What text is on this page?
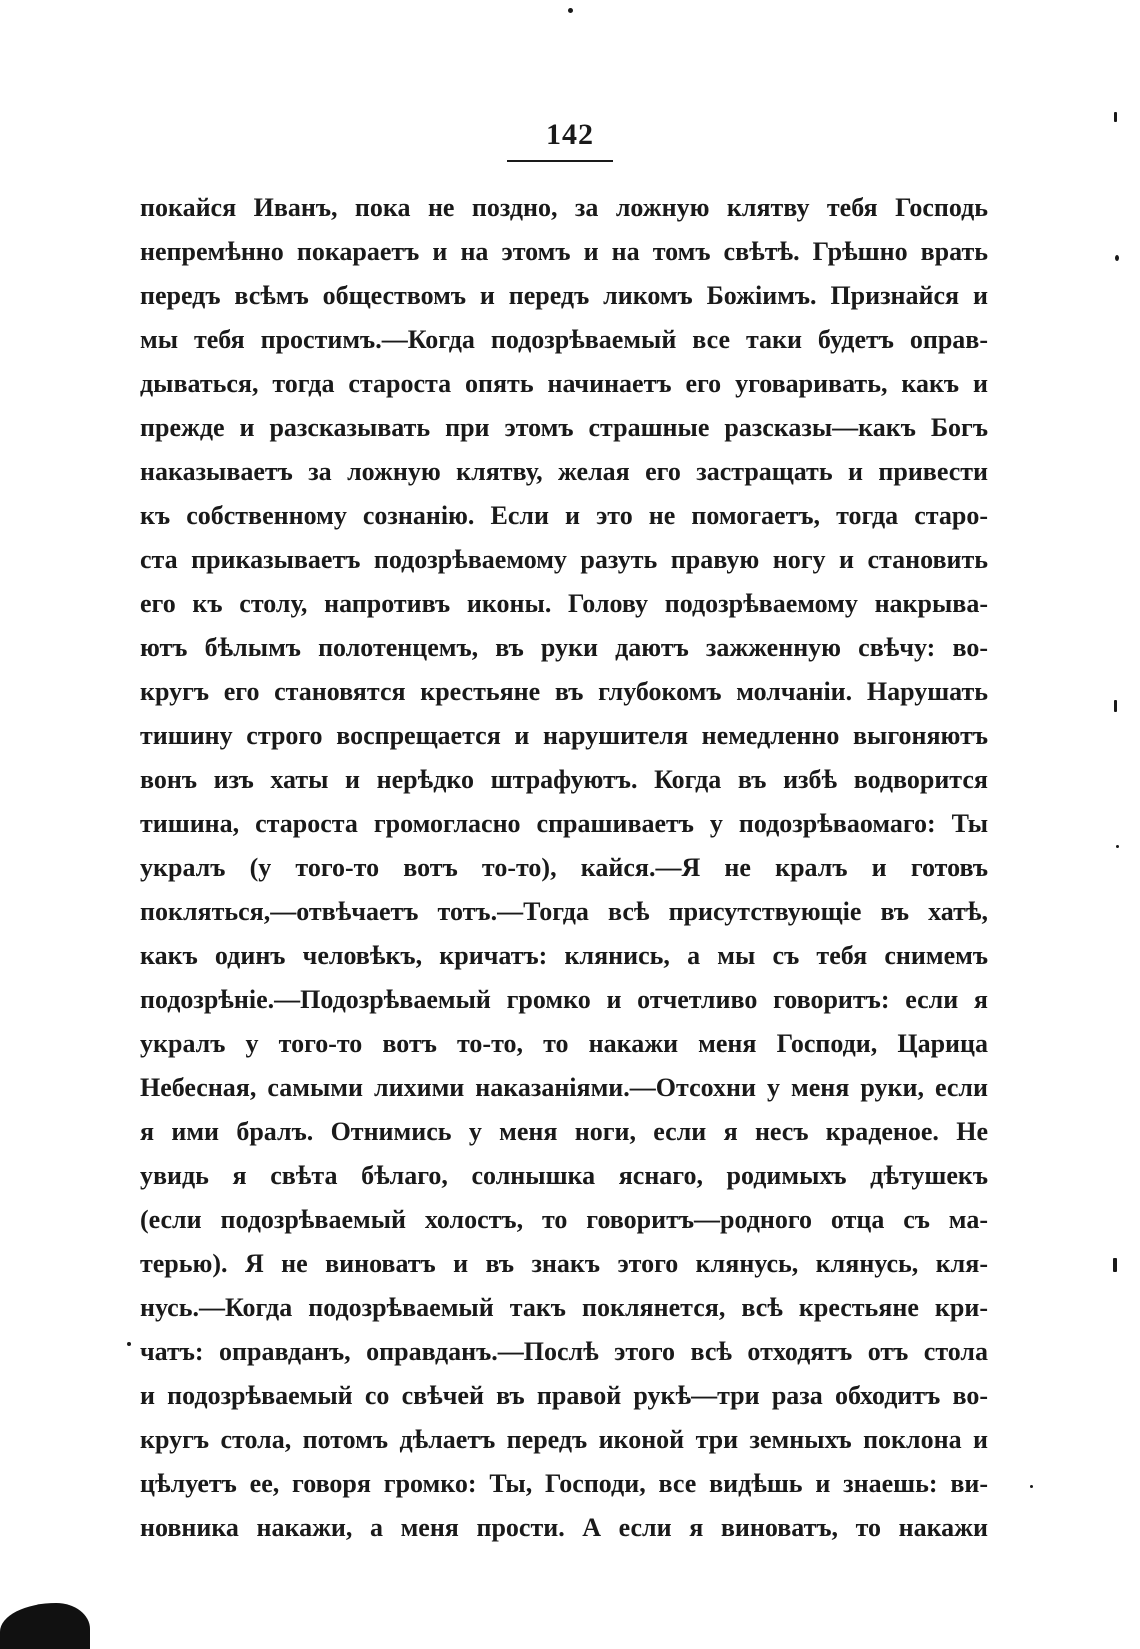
142
покайся Иванъ, пока не поздно, за ложную клятву тебя Господь
непремѣнно покараетъ и на этомъ и на томъ свѣтѣ. Грѣшно врать
передъ всѣмъ обществомъ и передъ ликомъ Божіимъ. Признайся и
мы тебя простимъ.—Когда подозрѣваемый все таки будетъ оправ-
дываться, тогда староста опять начинаетъ его уговаривать, какъ и
прежде и разсказывать при этомъ страшные разсказы—какъ Богъ
наказываетъ за ложную клятву, желая его застращать и привести
къ собственному сознанію. Если и это не помогаетъ, тогда старо-
ста приказываетъ подозрѣваемому разуть правую ногу и становить
его къ столу, напротивъ иконы. Голову подозрѣваемому накрыва-
ютъ бѣлымъ полотенцемъ, въ руки даютъ зажженную свѣчу: во-
кругъ его становятся крестьяне въ глубокомъ молчаніи. Нарушать
тишину строго воспрещается и нарушителя немедленно выгоняютъ
вонъ изъ хаты и нерѣдко штрафуютъ. Когда въ избѣ водворится
тишина, староста громогласно спрашиваетъ у подозрѣваомаго: Ты
укралъ (у того-то вотъ то-то), кайся.—Я не кралъ и готовъ
покляться,—отвѣчаетъ тотъ.—Тогда всѣ присутствующіе въ хатѣ,
какъ одинъ человѣкъ, кричатъ: клянись, а мы съ тебя снимемъ
подозрѣніе.—Подозрѣваемый громко и отчетливо говоритъ: если я
укралъ у того-то вотъ то-то, то накажи меня Господи, Царица
Небесная, самыми лихими наказаніями.—Отсохни у меня руки, если
я ими бралъ. Отнимись у меня ноги, если я несъ краденое. Не
увидь я свѣта бѣлаго, солнышка яснаго, родимыхъ дѣтушекъ
(если подозрѣваемый холостъ, то говоритъ—родного отца съ ма-
терью). Я не виноватъ и въ знакъ этого клянусь, клянусь, кля-
нусь.—Когда подозрѣваемый такъ поклянется, всѣ крестьяне кри-
чатъ: оправданъ, оправданъ.—Послѣ этого всѣ отходятъ отъ стола
и подозрѣваемый со свѣчей въ правой рукѣ—три раза обходитъ во-
кругъ стола, потомъ дѣлаетъ передъ иконой три земныхъ поклона и
цѣлуетъ ее, говоря громко: Ты, Господи, все видѣшь и знаешь: ви-
новника накажи, а меня прости. А если я виноватъ, то накажи
